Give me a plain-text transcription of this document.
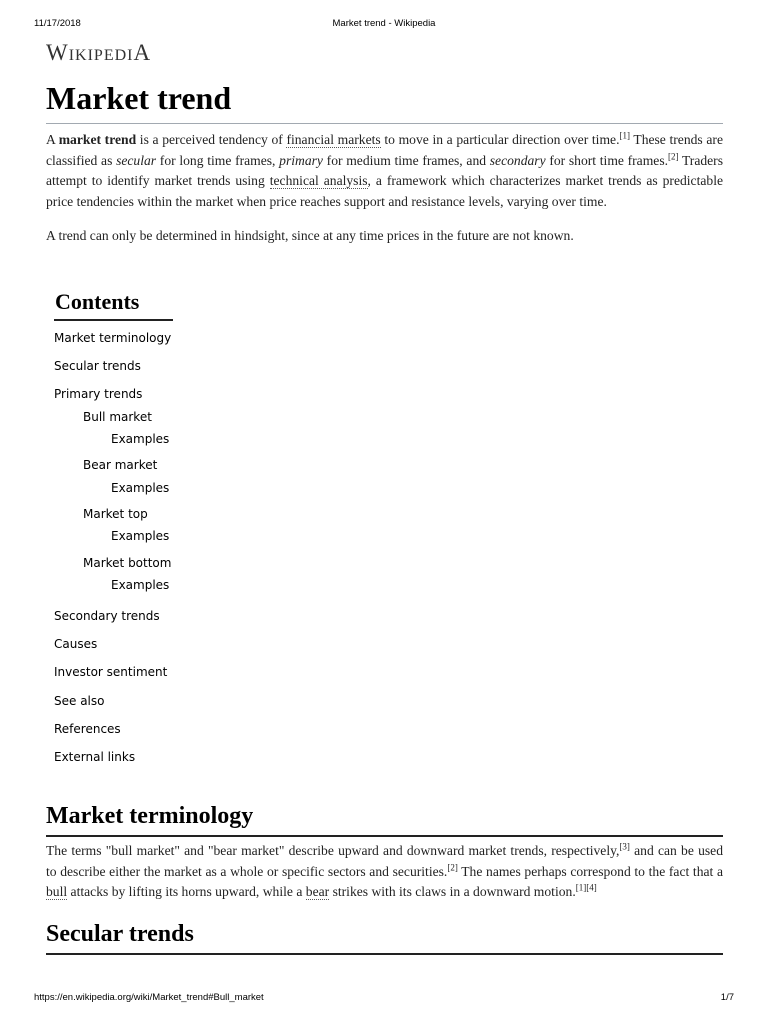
11/17/2018	Market trend - Wikipedia
WikipediA
Market trend

A market trend is a perceived tendency of financial markets to move in a particular direction over time.[1] These trends are classified as secular for long time frames, primary for medium time frames, and secondary for short time frames.[2] Traders attempt to identify market trends using technical analysis, a framework which characterizes market trends as predictable price tendencies within the market when price reaches support and resistance levels, varying over time.

A trend can only be determined in hindsight, since at any time prices in the future are not known.

Contents
Market terminology
Secular trends
Primary trends
Bull market
Examples
Bear market
Examples
Market top
Examples
Market bottom
Examples
Secondary trends
Causes
Investor sentiment
See also
References
External links
Market terminology

The terms "bull market" and "bear market" describe upward and downward market trends, respectively,[3] and can be used to describe either the market as a whole or specific sectors and securities.[2] The names perhaps correspond to the fact that a bull attacks by lifting its horns upward, while a bear strikes with its claws in a downward motion.[1][4]

Secular trends
https://en.wikipedia.org/wiki/Market_trend#Bull_market	1/7
